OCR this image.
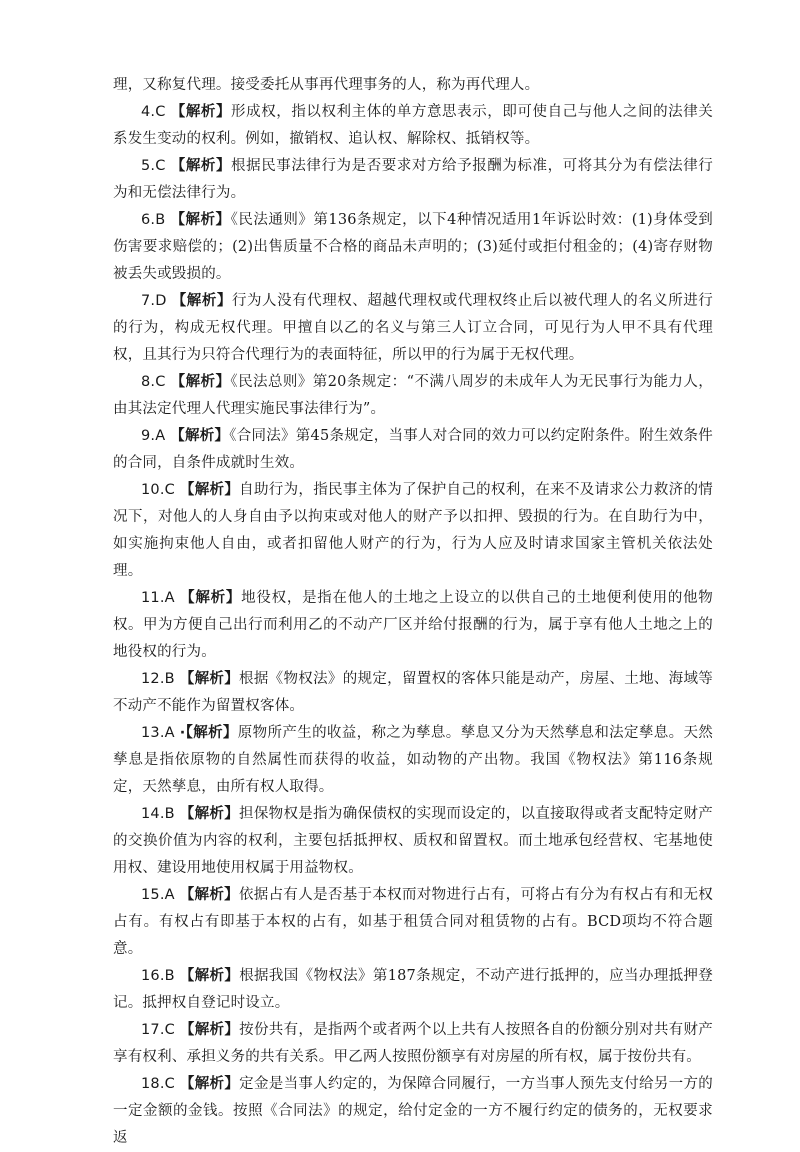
理，又称复代理。接受委托从事再代理事务的人，称为再代理人。

4.C 【解析】形成权，指以权利主体的单方意思表示，即可使自己与他人之间的法律关系发生变动的权利。例如，撤销权、追认权、解除权、抵销权等。

5.C 【解析】根据民事法律行为是否要求对方给予报酬为标准，可将其分为有偿法律行为和无偿法律行为。

6.B 【解析】《民法通则》第136条规定，以下4种情况适用1年诉讼时效：(1)身体受到伤害要求赔偿的；(2)出售质量不合格的商品未声明的；(3)延付或拒付租金的；(4)寄存财物被丢失或毁损的。

7.D 【解析】行为人没有代理权、超越代理权或代理权终止后以被代理人的名义所进行的行为，构成无权代理。甲擅自以乙的名义与第三人订立合同，可见行为人甲不具有代理权，且其行为只符合代理行为的表面特征，所以甲的行为属于无权代理。

8.C 【解析】《民法总则》第20条规定：“不满八周岁的未成年人为无民事行为能力人，由其法定代理人代理实施民事法律行为”。

9.A 【解析】《合同法》第45条规定，当事人对合同的效力可以约定附条件。附生效条件的合同，自条件成就时生效。

10.C 【解析】自助行为，指民事主体为了保护自己的权利，在来不及请求公力救济的情况下，对他人的人身自由予以拘束或对他人的财产予以扣押、毁损的行为。在自助行为中，如实施拘束他人自由，或者扣留他人财产的行为，行为人应及时请求国家主管机关依法处理。

11.A 【解析】地役权，是指在他人的土地之上设立的以供自己的土地便利使用的他物权。甲为方便自己出行而利用乙的不动产厂区并给付报酬的行为，属于享有他人土地之上的地役权的行为。

12.B 【解析】根据《物权法》的规定，留置权的客体只能是动产，房屋、土地、海域等不动产不能作为留置权客体。

13.A ·【解析】原物所产生的收益，称之为孳息。孳息又分为天然孳息和法定孳息。天然孳息是指依原物的自然属性而获得的收益，如动物的产出物。我国《物权法》第116条规定，天然孳息，由所有权人取得。

14.B 【解析】担保物权是指为确保债权的实现而设定的，以直接取得或者支配特定财产的交换价值为内容的权利，主要包括抵押权、质权和留置权。而土地承包经营权、宅基地使用权、建设用地使用权属于用益物权。

15.A 【解析】依据占有人是否基于本权而对物进行占有，可将占有分为有权占有和无权占有。有权占有即基于本权的占有，如基于租赁合同对租赁物的占有。BCD项均不符合题意。

16.B 【解析】根据我国《物权法》第187条规定，不动产进行抵押的，应当办理抵押登记。抵押权自登记时设立。

17.C 【解析】按份共有，是指两个或者两个以上共有人按照各自的份额分别对共有财产享有权利、承担义务的共有关系。甲乙两人按照份额享有对房屋的所有权，属于按份共有。

18.C 【解析】定金是当事人约定的，为保障合同履行，一方当事人预先支付给另一方的一定金额的金钱。按照《合同法》的规定，给付定金的一方不履行约定的债务的，无权要求返
